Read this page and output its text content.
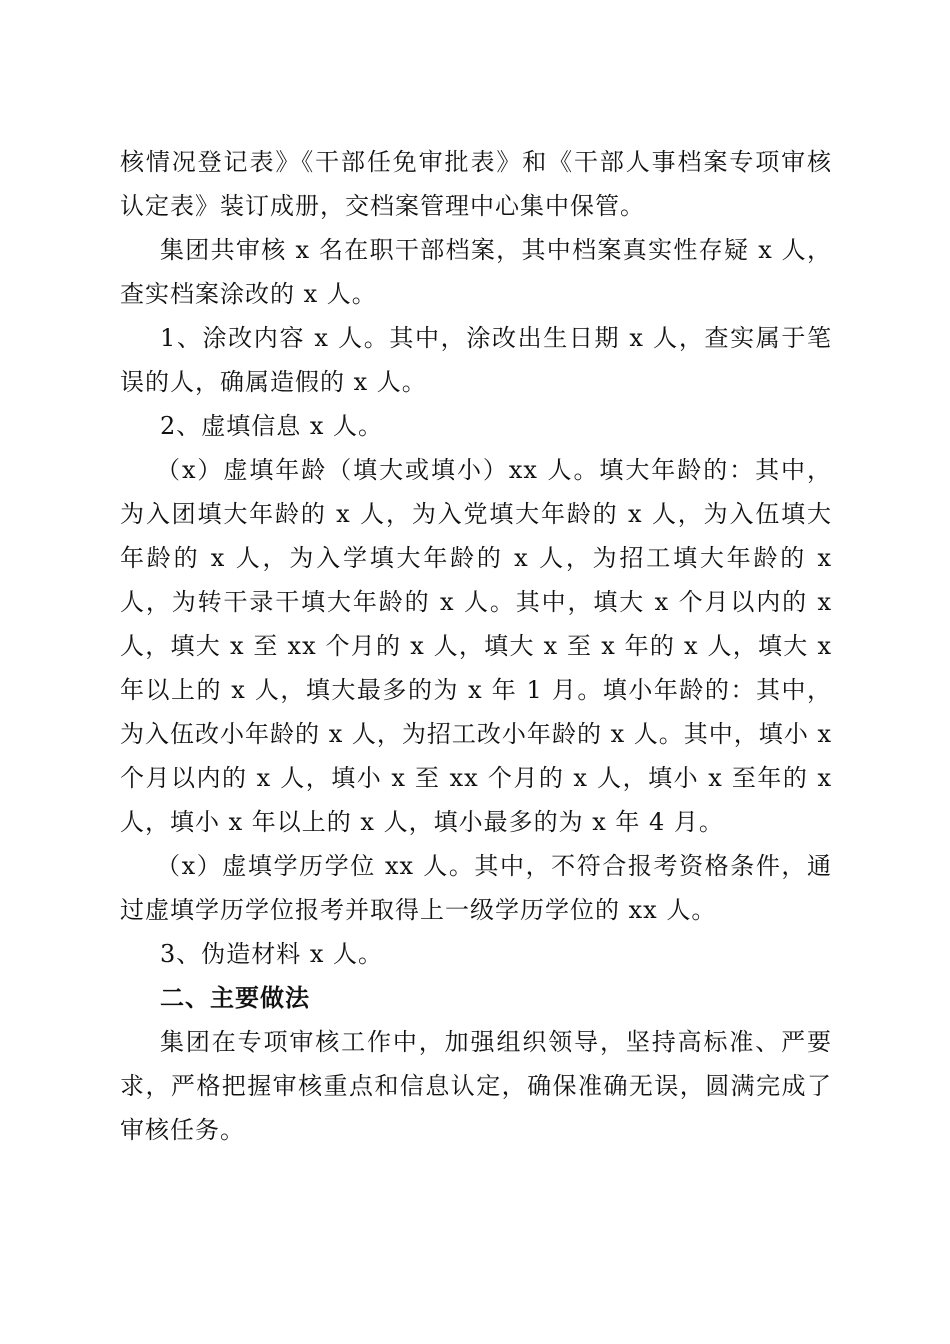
核情况登记表》《干部任免审批表》和《干部人事档案专项审核认定表》装订成册，交档案管理中心集中保管。

集团共审核 x 名在职干部档案，其中档案真实性存疑 x 人，查实档案涂改的 x 人。

1、涂改内容 x 人。其中，涂改出生日期 x 人，查实属于笔误的人，确属造假的 x 人。

2、虚填信息 x 人。

（x）虚填年龄（填大或填小）xx 人。填大年龄的：其中，为入团填大年龄的 x 人，为入党填大年龄的 x 人，为入伍填大年龄的 x 人，为入学填大年龄的 x 人，为招工填大年龄的 x 人，为转干录干填大年龄的 x 人。其中，填大 x 个月以内的 x 人，填大 x 至 xx 个月的 x 人，填大 x 至 x 年的 x 人，填大 x 年以上的 x 人，填大最多的为 x 年 1 月。填小年龄的：其中，为入伍改小年龄的 x 人，为招工改小年龄的 x 人。其中，填小 x 个月以内的 x 人，填小 x 至 xx 个月的 x 人，填小 x 至年的 x 人，填小 x 年以上的 x 人，填小最多的为 x 年 4 月。

（x）虚填学历学位 xx 人。其中，不符合报考资格条件，通过虚填学历学位报考并取得上一级学历学位的 xx 人。

3、伪造材料 x 人。

二、主要做法

集团在专项审核工作中，加强组织领导，坚持高标准、严要求，严格把握审核重点和信息认定，确保准确无误，圆满完成了审核任务。
